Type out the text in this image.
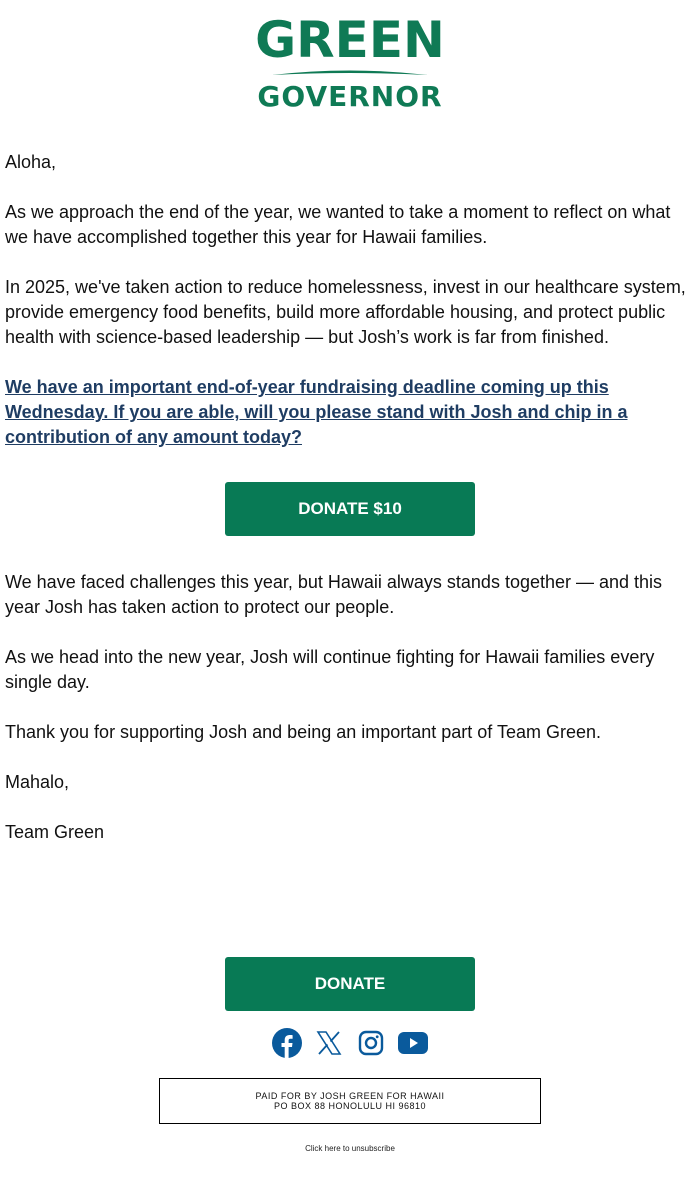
GREEN
GOVERNOR

Aloha,

As we approach the end of the year, we wanted to take a moment to reflect on what we have accomplished together this year for Hawaii families.

In 2025, we've taken action to reduce homelessness, invest in our healthcare system, provide emergency food benefits, build more affordable housing, and protect public health with science-based leadership — but Josh’s work is far from finished.

We have an important end-of-year fundraising deadline coming up this Wednesday. If you are able, will you please stand with Josh and chip in a contribution of any amount today?

We have faced challenges this year, but Hawaii always stands together — and this year Josh has taken action to protect our people.

As we head into the new year, Josh will continue fighting for Hawaii families every single day.

Thank you for supporting Josh and being an important part of Team Green.

Mahalo,

Team Green

DONATE $10
DONATE
PAID FOR BY JOSH GREEN FOR HAWAII
PO BOX 88 HONOLULU HI 96810
Click here to unsubscribe
